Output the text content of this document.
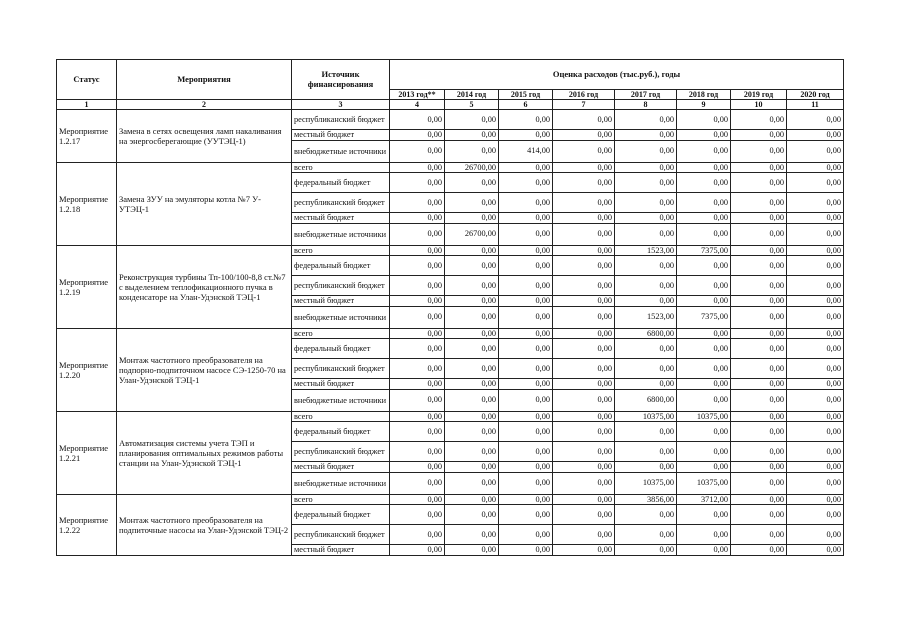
Статус	Мероприятия	Источник финансирования	Оценка расходов (тыс.руб.), годы							
			2013 год**	2014 год	2015 год	2016 год	2017 год	2018 год	2019 год	2020 год
1	2	3	4	5	6	7	8	9	10	11
Мероприятие 1.2.17	Замена в сетях освещения ламп накаливания на энергосберегающие (УУТЭЦ-1)	республиканский бюджет	0,00	0,00	0,00	0,00	0,00	0,00	0,00	0,00
		местный бюджет	0,00	0,00	0,00	0,00	0,00	0,00	0,00	0,00
		внебюджетные источники	0,00	0,00	414,00	0,00	0,00	0,00	0,00	0,00
Мероприятие 1.2.18	Замена ЗУУ на эмуляторы котла №7 У-УТЭЦ-1	всего	0,00	26700,00	0,00	0,00	0,00	0,00	0,00	0,00
		федеральный бюджет	0,00	0,00	0,00	0,00	0,00	0,00	0,00	0,00
		республиканский бюджет	0,00	0,00	0,00	0,00	0,00	0,00	0,00	0,00
		местный бюджет	0,00	0,00	0,00	0,00	0,00	0,00	0,00	0,00
		внебюджетные источники	0,00	26700,00	0,00	0,00	0,00	0,00	0,00	0,00
Мероприятие 1.2.19	Реконструкция турбины Тп-100/100-8,8 ст.№7 с выделением теплофикационного пучка в конденсаторе на Улан-Удэнской ТЭЦ-1	всего	0,00	0,00	0,00	0,00	1523,00	7375,00	0,00	0,00
		федеральный бюджет	0,00	0,00	0,00	0,00	0,00	0,00	0,00	0,00
		республиканский бюджет	0,00	0,00	0,00	0,00	0,00	0,00	0,00	0,00
		местный бюджет	0,00	0,00	0,00	0,00	0,00	0,00	0,00	0,00
		внебюджетные источники	0,00	0,00	0,00	0,00	1523,00	7375,00	0,00	0,00
Мероприятие 1.2.20	Монтаж частотного преобразователя на подпорно-подпиточном насосе СЭ-1250-70 на Улан-Удэнской ТЭЦ-1	всего	0,00	0,00	0,00	0,00	6800,00	0,00	0,00	0,00
		федеральный бюджет	0,00	0,00	0,00	0,00	0,00	0,00	0,00	0,00
		республиканский бюджет	0,00	0,00	0,00	0,00	0,00	0,00	0,00	0,00
		местный бюджет	0,00	0,00	0,00	0,00	0,00	0,00	0,00	0,00
		внебюджетные источники	0,00	0,00	0,00	0,00	6800,00	0,00	0,00	0,00
Мероприятие 1.2.21	Автоматизация системы учета ТЭП и планирования оптимальных режимов работы станции на Улан-Удэнской ТЭЦ-1	всего	0,00	0,00	0,00	0,00	10375,00	10375,00	0,00	0,00
		федеральный бюджет	0,00	0,00	0,00	0,00	0,00	0,00	0,00	0,00
		республиканский бюджет	0,00	0,00	0,00	0,00	0,00	0,00	0,00	0,00
		местный бюджет	0,00	0,00	0,00	0,00	0,00	0,00	0,00	0,00
		внебюджетные источники	0,00	0,00	0,00	0,00	10375,00	10375,00	0,00	0,00
Мероприятие 1.2.22	Монтаж частотного преобразователя на подпиточные насосы на Улан-Удэнской ТЭЦ-2	всего	0,00	0,00	0,00	0,00	3856,00	3712,00	0,00	0,00
		федеральный бюджет	0,00	0,00	0,00	0,00	0,00	0,00	0,00	0,00
		республиканский бюджет	0,00	0,00	0,00	0,00	0,00	0,00	0,00	0,00
		местный бюджет	0,00	0,00	0,00	0,00	0,00	0,00	0,00	0,00
